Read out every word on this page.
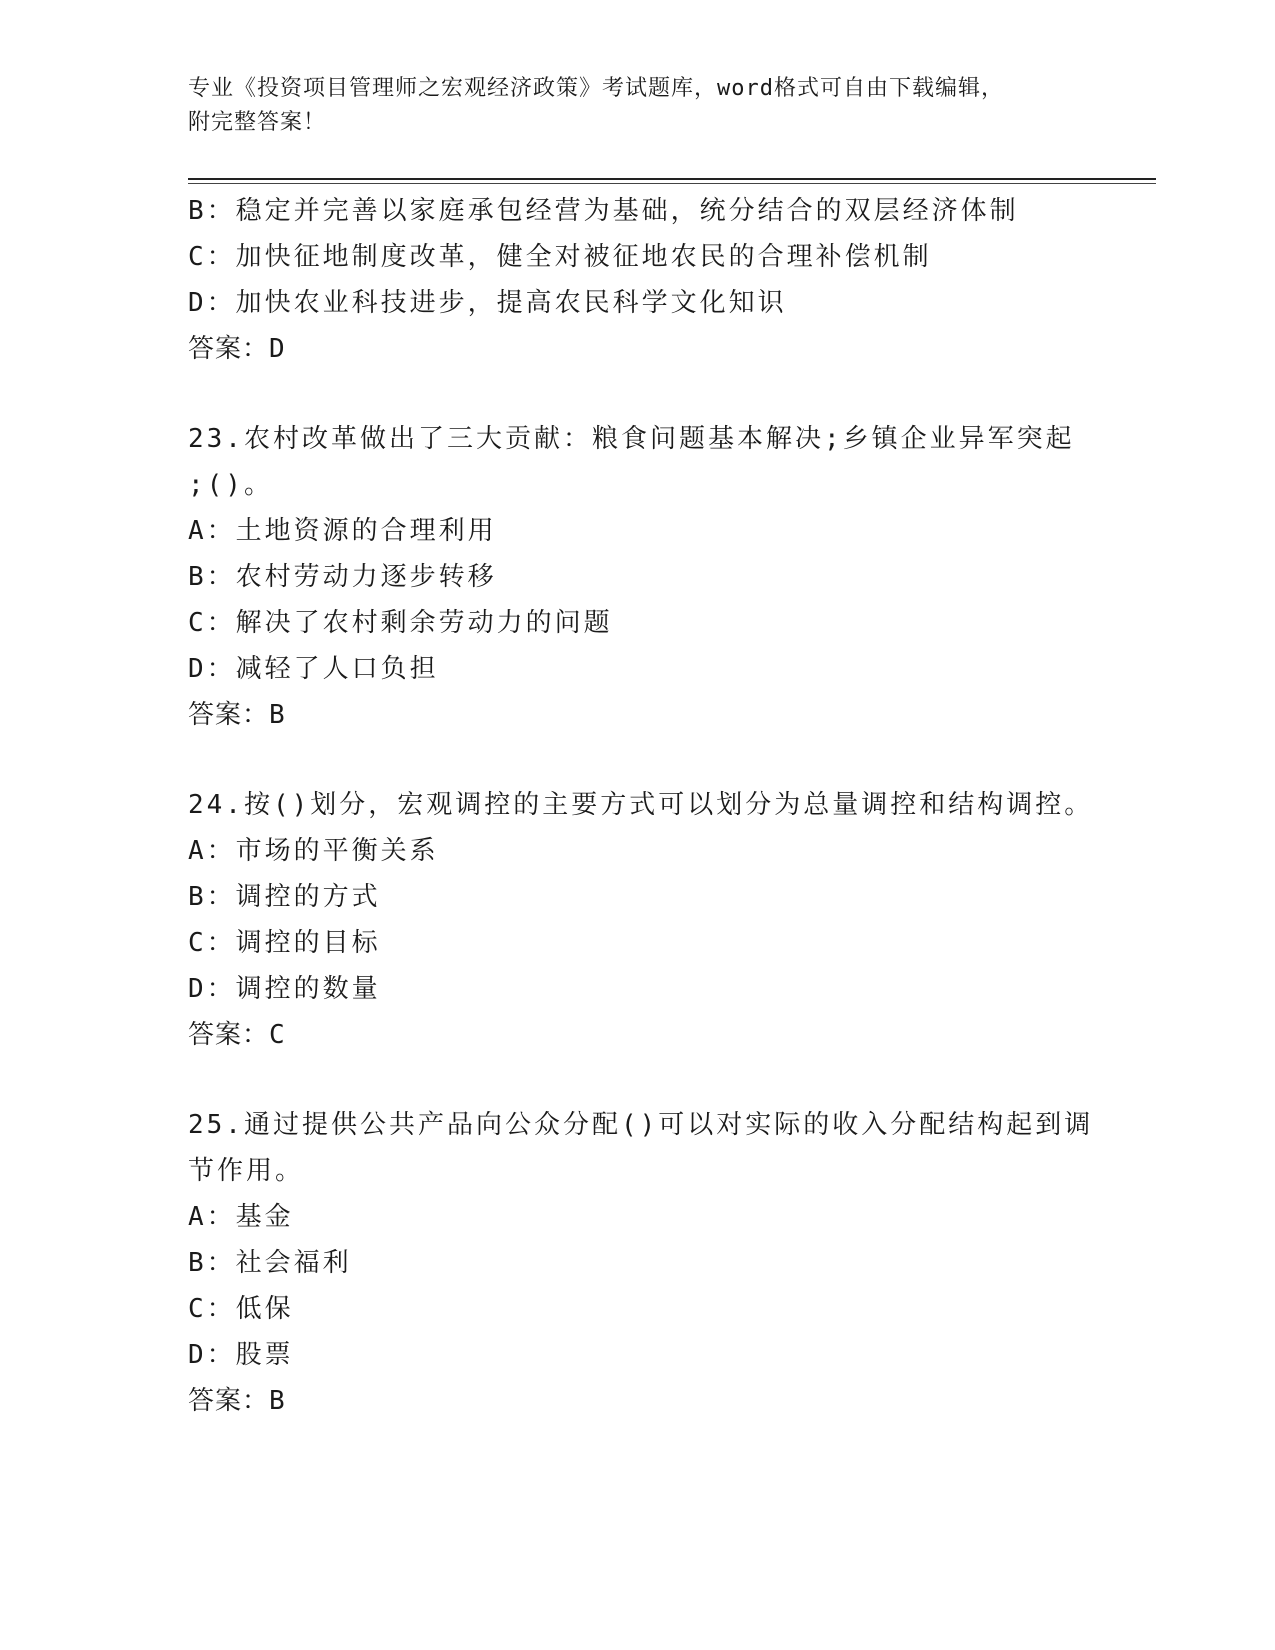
专业《投资项目管理师之宏观经济政策》考试题库，word格式可自由下载编辑，
附完整答案！
B：稳定并完善以家庭承包经营为基础，统分结合的双层经济体制
C：加快征地制度改革，健全对被征地农民的合理补偿机制
D：加快农业科技进步，提高农民科学文化知识
答案：D
23.农村改革做出了三大贡献：粮食问题基本解决;乡镇企业异军突起
;()。
A：土地资源的合理利用
B：农村劳动力逐步转移
C：解决了农村剩余劳动力的问题
D：减轻了人口负担
答案：B
24.按()划分，宏观调控的主要方式可以划分为总量调控和结构调控。
A：市场的平衡关系
B：调控的方式
C：调控的目标
D：调控的数量
答案：C
25.通过提供公共产品向公众分配()可以对实际的收入分配结构起到调
节作用。
A：基金
B：社会福利
C：低保
D：股票
答案：B
